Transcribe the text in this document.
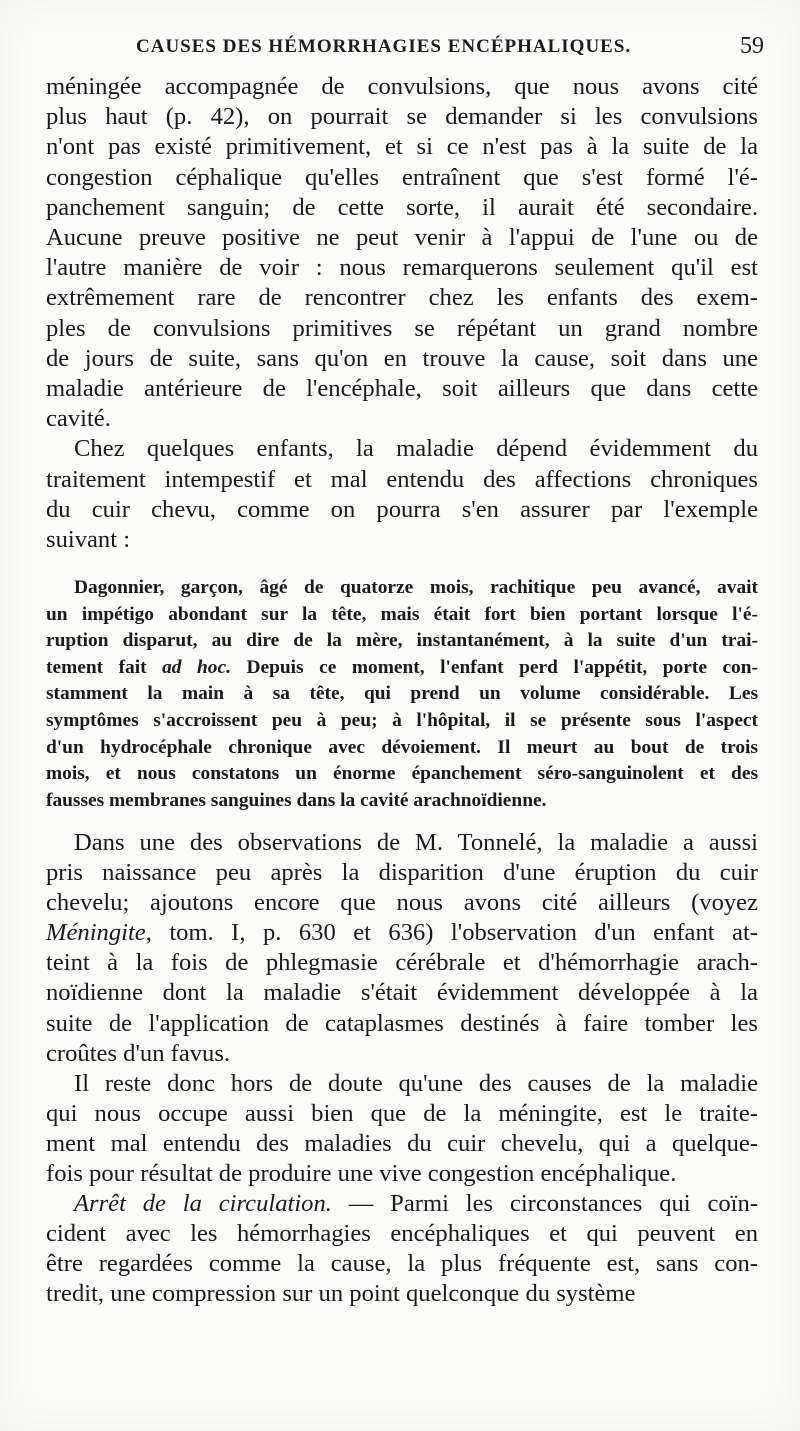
CAUSES DES HÉMORRHAGIES ENCÉPHALIQUES.	59

méningée accompagnée de convulsions, que nous avons cité
plus haut (p. 42), on pourrait se demander si les convulsions
n'ont pas existé primitivement, et si ce n'est pas à la suite de la
congestion céphalique qu'elles entraînent que s'est formé l'é-
panchement sanguin; de cette sorte, il aurait été secondaire.
Aucune preuve positive ne peut venir à l'appui de l'une ou de
l'autre manière de voir : nous remarquerons seulement qu'il est
extrêmement rare de rencontrer chez les enfants des exem-
ples de convulsions primitives se répétant un grand nombre
de jours de suite, sans qu'on en trouve la cause, soit dans une
maladie antérieure de l'encéphale, soit ailleurs que dans cette
cavité.

Chez quelques enfants, la maladie dépend évidemment du
traitement intempestif et mal entendu des affections chroniques
du cuir chevu, comme on pourra s'en assurer par l'exemple
suivant :

Dagonnier, garçon, âgé de quatorze mois, rachitique peu avancé, avait
un impétigo abondant sur la tête, mais était fort bien portant lorsque l'é-
ruption disparut, au dire de la mère, instantanément, à la suite d'un trai-
tement fait ad hoc. Depuis ce moment, l'enfant perd l'appétit, porte con-
stamment la main à sa tête, qui prend un volume considérable. Les
symptômes s'accroissent peu à peu; à l'hôpital, il se présente sous l'aspect
d'un hydrocéphale chronique avec dévoiement. Il meurt au bout de trois
mois, et nous constatons un énorme épanchement séro-sanguinolent et des
fausses membranes sanguines dans la cavité arachnoïdienne.

Dans une des observations de M. Tonnelé, la maladie a aussi
pris naissance peu après la disparition d'une éruption du cuir
chevelu; ajoutons encore que nous avons cité ailleurs (voyez
Méningite, tom. I, p. 630 et 636) l'observation d'un enfant at-
teint à la fois de phlegmasie cérébrale et d'hémorrhagie arach-
noïdienne dont la maladie s'était évidemment développée à la
suite de l'application de cataplasmes destinés à faire tomber les
croûtes d'un favus.

Il reste donc hors de doute qu'une des causes de la maladie
qui nous occupe aussi bien que de la méningite, est le traite-
ment mal entendu des maladies du cuir chevelu, qui a quelque-
fois pour résultat de produire une vive congestion encéphalique.

Arrêt de la circulation. — Parmi les circonstances qui coïn-
cident avec les hémorrhagies encéphaliques et qui peuvent en
être regardées comme la cause, la plus fréquente est, sans con-
tredit, une compression sur un point quelconque du système
